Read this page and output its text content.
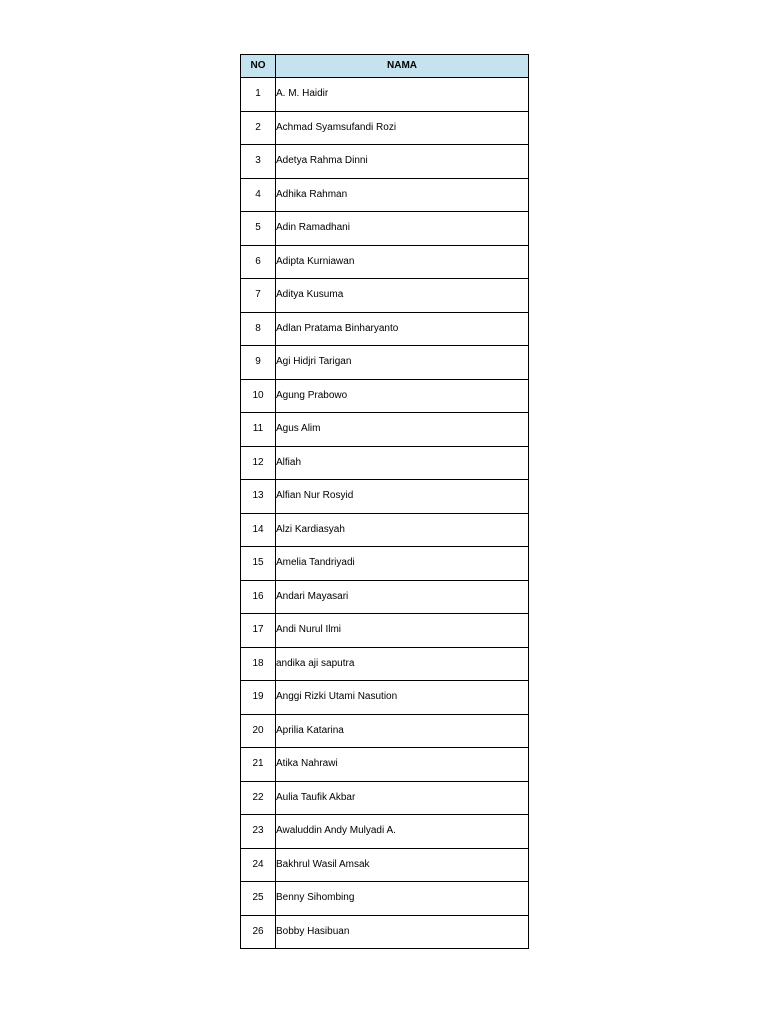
NO	NAMA
1	A. M. Haidir
2	Achmad Syamsufandi Rozi
3	Adetya Rahma Dinni
4	Adhika Rahman
5	Adin Ramadhani
6	Adipta Kurniawan
7	Aditya Kusuma
8	Adlan Pratama Binharyanto
9	Agi Hidjri Tarigan
10	Agung Prabowo
11	Agus Alim
12	Alfiah
13	Alfian Nur Rosyid
14	Alzi Kardiasyah
15	Amelia Tandriyadi
16	Andari Mayasari
17	Andi Nurul Ilmi
18	andika aji saputra
19	Anggi Rizki Utami Nasution
20	Aprilia Katarina
21	Atika Nahrawi
22	Aulia Taufik Akbar
23	Awaluddin Andy Mulyadi A.
24	Bakhrul Wasil Amsak
25	Benny Sihombing
26	Bobby Hasibuan
